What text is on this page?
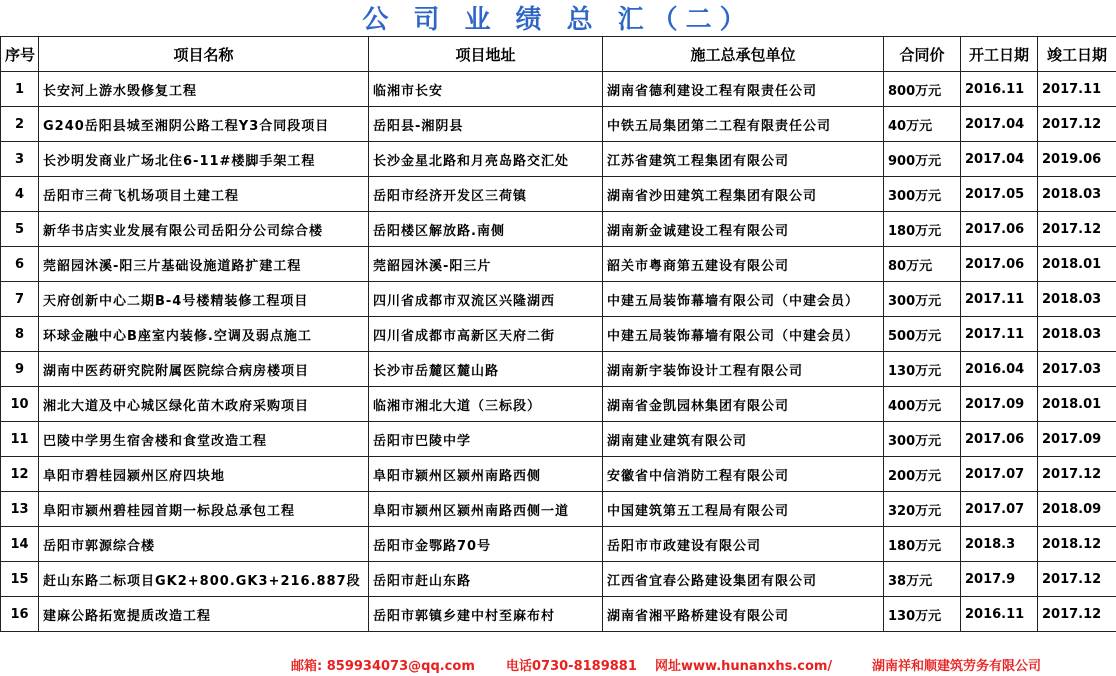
公 司 业 绩 总 汇（二）
序号	项目名称	项目地址	施工总承包单位	合同价	开工日期	竣工日期
1	长安河上游水毁修复工程	临湘市长安	湖南省德利建设工程有限责任公司	800万元	2016.11	2017.11
2	G240岳阳县城至湘阴公路工程Y3合同段项目	岳阳县-湘阴县	中铁五局集团第二工程有限责任公司	40万元	2017.04	2017.12
3	长沙明发商业广场北住6-11#楼脚手架工程	长沙金星北路和月亮岛路交汇处	江苏省建筑工程集团有限公司	900万元	2017.04	2019.06
4	岳阳市三荷飞机场项目土建工程	岳阳市经济开发区三荷镇	湖南省沙田建筑工程集团有限公司	300万元	2017.05	2018.03
5	新华书店实业发展有限公司岳阳分公司综合楼	岳阳楼区解放路.南侧	湖南新金诚建设工程有限公司	180万元	2017.06	2017.12
6	莞韶园沐溪-阳三片基础设施道路扩建工程	莞韶园沐溪-阳三片	韶关市粤商第五建设有限公司	80万元	2017.06	2018.01
7	天府创新中心二期B-4号楼精装修工程项目	四川省成都市双流区兴隆湖西	中建五局装饰幕墙有限公司（中建会员）	300万元	2017.11	2018.03
8	环球金融中心B座室内装修.空调及弱点施工	四川省成都市高新区天府二街	中建五局装饰幕墙有限公司（中建会员）	500万元	2017.11	2018.03
9	湖南中医药研究院附属医院综合病房楼项目	长沙市岳麓区麓山路	湖南新宇装饰设计工程有限公司	130万元	2016.04	2017.03
10	湘北大道及中心城区绿化苗木政府采购项目	临湘市湘北大道（三标段）	湖南省金凯园林集团有限公司	400万元	2017.09	2018.01
11	巴陵中学男生宿舍楼和食堂改造工程	岳阳市巴陵中学	湖南建业建筑有限公司	300万元	2017.06	2017.09
12	阜阳市碧桂园颍州区府四块地	阜阳市颍州区颍州南路西侧	安徽省中信消防工程有限公司	200万元	2017.07	2017.12
13	阜阳市颍州碧桂园首期一标段总承包工程	阜阳市颍州区颍州南路西侧一道	中国建筑第五工程局有限公司	320万元	2017.07	2018.09
14	岳阳市郭源综合楼	岳阳市金鄂路70号	岳阳市市政建设有限公司	180万元	2018.3	2018.12
15	赶山东路二标项目GK2+800.GK3+216.887段	岳阳市赶山东路	江西省宜春公路建设集团有限公司	38万元	2017.9	2017.12
16	建麻公路拓宽提质改造工程	岳阳市郭镇乡建中村至麻布村	湖南省湘平路桥建设有限公司	130万元	2016.11	2017.12
邮箱: 859934073@qq.com 电话0730-8189881 网址www.hunanxhs.com/	湖南祥和顺建筑劳务有限公司
